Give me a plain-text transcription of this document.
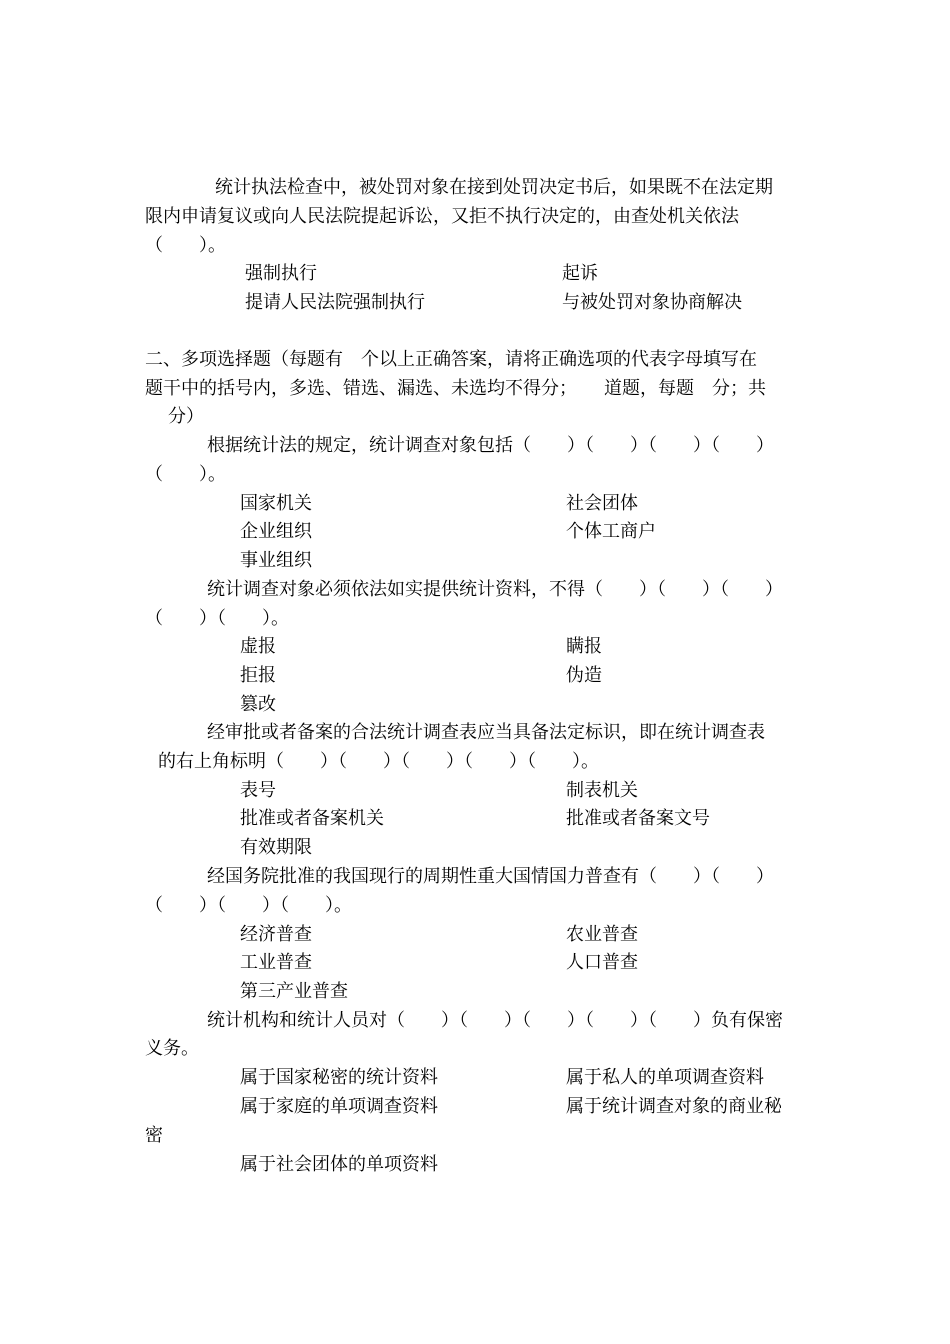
统计执法检查中，被处罚对象在接到处罚决定书后，如果既不在法定期
限内申请复议或向人民法院提起诉讼，又拒不执行决定的，由查处机关依法
（　　）。
强制执行	起诉
提请人民法院强制执行	与被处罚对象协商解决
二、多项选择题（每题有　个以上正确答案，请将正确选项的代表字母填写在
题干中的括号内，多选、错选、漏选、未选均不得分；　　道题，每题　分；共
分）
根据统计法的规定，统计调查对象包括（　　）（　　）（　　）（　　）
（　　）。
国家机关	社会团体
企业组织	个体工商户
事业组织
统计调查对象必须依法如实提供统计资料，不得（　　）（　　）（　　）
（　　）（　　）。
虚报	瞒报
拒报	伪造
篡改
经审批或者备案的合法统计调查表应当具备法定标识，即在统计调查表
的右上角标明（　　）（　　）（　　）（　　）（　　）。
表号	制表机关
批准或者备案机关	批准或者备案文号
有效期限
经国务院批准的我国现行的周期性重大国情国力普查有（　　）（　　）
（　　）（　　）（　　）。
经济普查	农业普查
工业普查	人口普查
第三产业普查
统计机构和统计人员对（　　）（　　）（　　）（　　）（　　）负有保密
义务。
属于国家秘密的统计资料	属于私人的单项调查资料
属于家庭的单项调查资料	属于统计调查对象的商业秘
密
属于社会团体的单项资料
